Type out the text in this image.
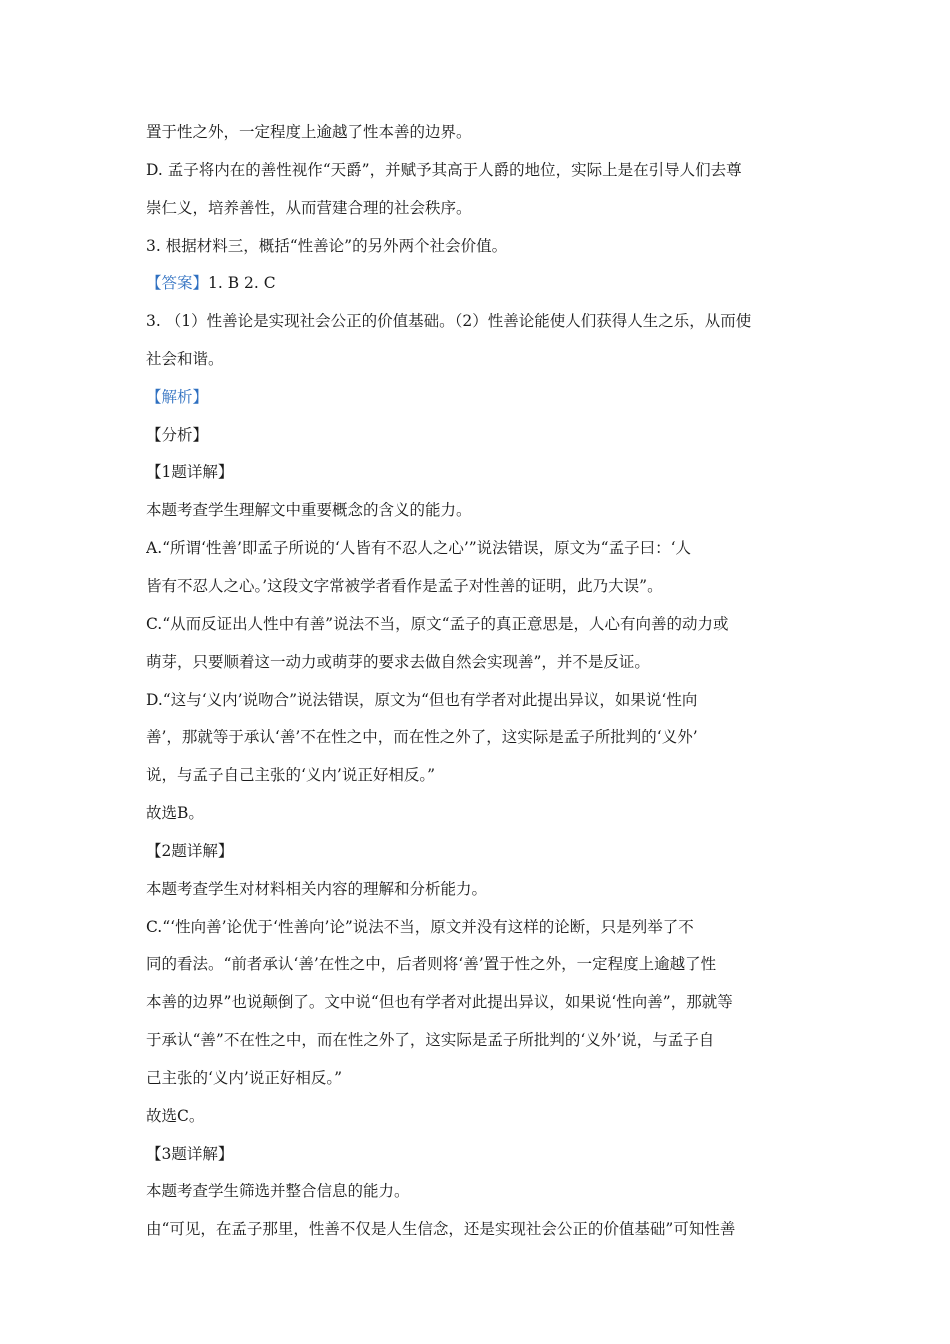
置于性之外，一定程度上逾越了性本善的边界。
D. 孟子将内在的善性视作“天爵”，并赋予其高于人爵的地位，实际上是在引导人们去尊
崇仁义，培养善性，从而营建合理的社会秩序。
3. 根据材料三，概括“性善论”的另外两个社会价值。
【答案】1. B 2. C
3. （1）性善论是实现社会公正的价值基础。（2）性善论能使人们获得人生之乐，从而使
社会和谐。
【解析】
【分析】
【1题详解】
本题考查学生理解文中重要概念的含义的能力。
A.“所谓‘性善’即孟子所说的‘人皆有不忍人之心’”说法错误，原文为“孟子曰：‘人
皆有不忍人之心。’这段文字常被学者看作是孟子对性善的证明，此乃大误”。
C.“从而反证出人性中有善”说法不当，原文“孟子的真正意思是，人心有向善的动力或
萌芽，只要顺着这一动力或萌芽的要求去做自然会实现善”，并不是反证。
D.“这与‘义内’说吻合”说法错误，原文为“但也有学者对此提出异议，如果说‘性向
善’，那就等于承认‘善’不在性之中，而在性之外了，这实际是孟子所批判的‘义外’
说，与孟子自己主张的‘义内’说正好相反。”
故选B。
【2题详解】
本题考查学生对材料相关内容的理解和分析能力。
C.“‘性向善’论优于‘性善向’论”说法不当，原文并没有这样的论断，只是列举了不
同的看法。“前者承认‘善’在性之中，后者则将‘善’置于性之外，一定程度上逾越了性
本善的边界”也说颠倒了。文中说“但也有学者对此提出异议，如果说‘性向善”，那就等
于承认“善”不在性之中，而在性之外了，这实际是孟子所批判的‘义外’说，与孟子自
己主张的‘义内’说正好相反。”
故选C。
【3题详解】
本题考查学生筛选并整合信息的能力。
由“可见，在孟子那里，性善不仅是人生信念，还是实现社会公正的价值基础”可知性善
